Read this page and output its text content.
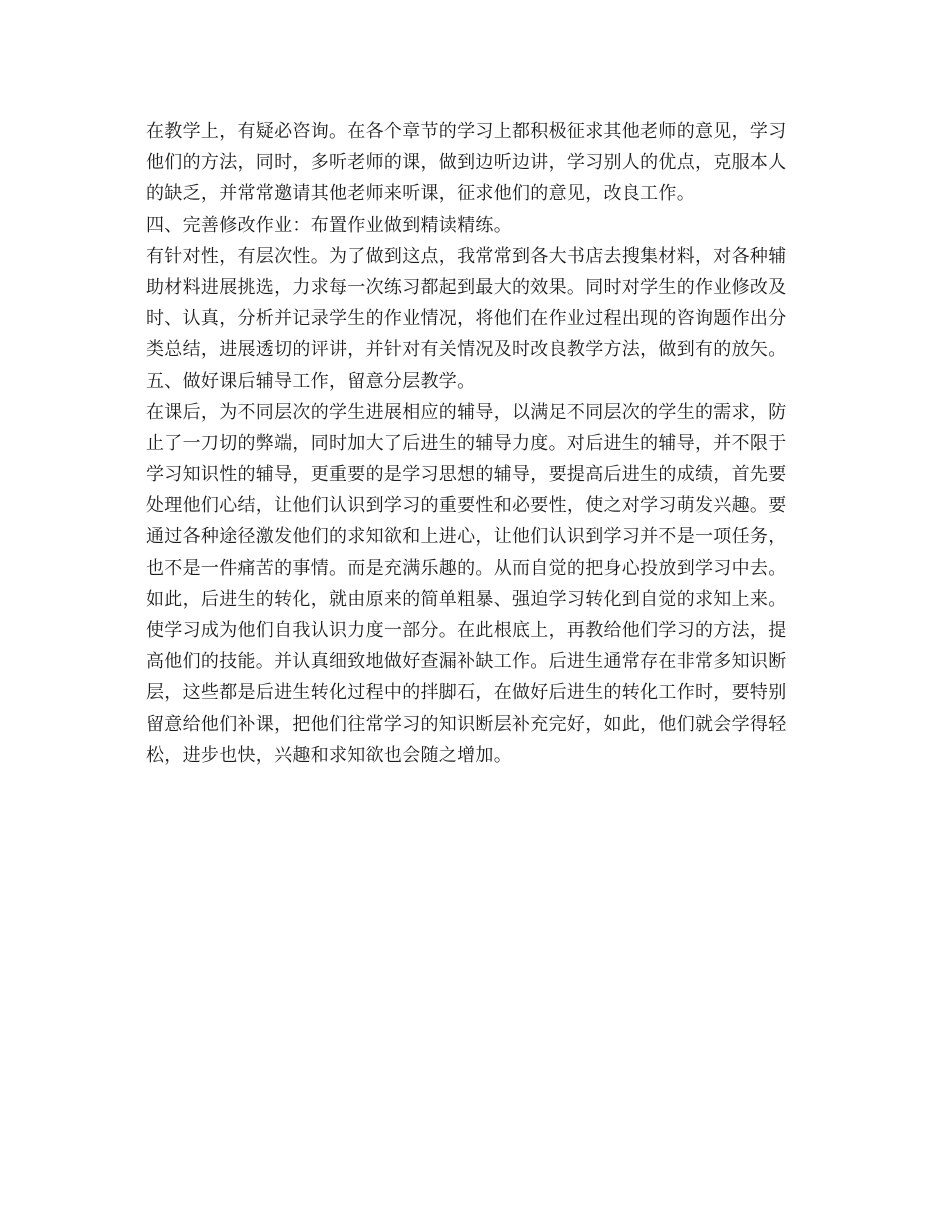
在教学上，有疑必咨询。在各个章节的学习上都积极征求其他老师的意见，学习
他们的方法，同时，多听老师的课，做到边听边讲，学习别人的优点，克服本人
的缺乏，并常常邀请其他老师来听课，征求他们的意见，改良工作。
四、完善修改作业：布置作业做到精读精练。
有针对性，有层次性。为了做到这点，我常常到各大书店去搜集材料，对各种辅
助材料进展挑选，力求每一次练习都起到最大的效果。同时对学生的作业修改及
时、认真，分析并记录学生的作业情况，将他们在作业过程出现的咨询题作出分
类总结，进展透切的评讲，并针对有关情况及时改良教学方法，做到有的放矢。
五、做好课后辅导工作，留意分层教学。
在课后，为不同层次的学生进展相应的辅导，以满足不同层次的学生的需求，防
止了一刀切的弊端，同时加大了后进生的辅导力度。对后进生的辅导，并不限于
学习知识性的辅导，更重要的是学习思想的辅导，要提高后进生的成绩，首先要
处理他们心结，让他们认识到学习的重要性和必要性，使之对学习萌发兴趣。要
通过各种途径激发他们的求知欲和上进心，让他们认识到学习并不是一项任务，
也不是一件痛苦的事情。而是充满乐趣的。从而自觉的把身心投放到学习中去。
如此，后进生的转化，就由原来的简单粗暴、强迫学习转化到自觉的求知上来。
使学习成为他们自我认识力度一部分。在此根底上，再教给他们学习的方法，提
高他们的技能。并认真细致地做好查漏补缺工作。后进生通常存在非常多知识断
层，这些都是后进生转化过程中的拌脚石，在做好后进生的转化工作时，要特别
留意给他们补课，把他们往常学习的知识断层补充完好，如此，他们就会学得轻
松，进步也快，兴趣和求知欲也会随之增加。
